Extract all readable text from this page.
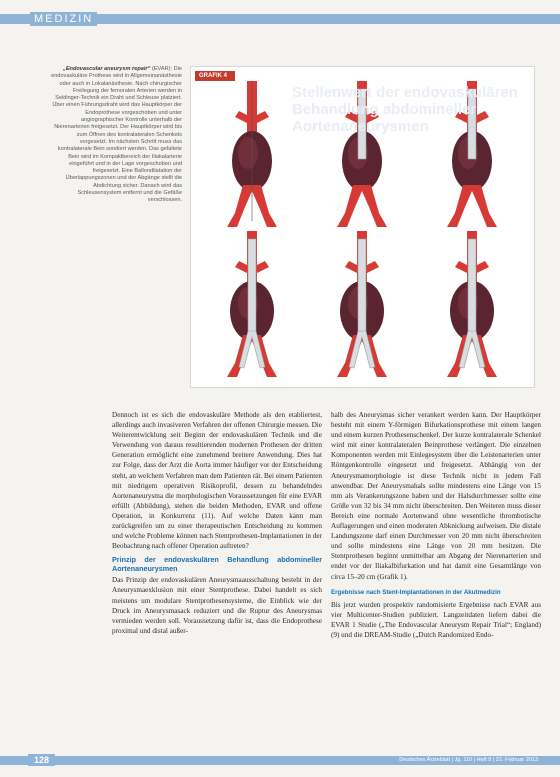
MEDIZIN
„Endovascular aneurysm repair“ (EVAR): Die endovaskuläre Prothese wird in Allgemeinanästhesie oder auch in Lokalanästhesie. Nach chirurgischer Freilegung der femoralen Arterien werden in Seldinger-Technik ein Draht und Schleuse platziert. Über einen Führungsdraht wird das Hauptkörper der Endoprothese vorgeschoben und unter angiographischer Kontrolle unterhalb der Nierenarterien freigesetzt. Der Hauptkörper wird bis zum Öffnen des kontralateralen Schenkels vorgesetzt. Im nächsten Schritt muss das kontralaterale Bein sondiert werden. Das gefaltete Bein wird im Kompaktbereich der Iliakalarterie eingeführt und in der Lage vorgeschoben und freigesetzt. Eine Ballondilatation der Überlappungszonen und der Abgänge stellt die Abdichtung sicher. Danach wird das Schleusensystem entfernt und die Gefäße verschlossen.
GRAFIK 4
Stellenwert der endovaskulären Behandlung abdomineller Aortenaneurysmen

Dennoch ist es sich die endovaskuläre Methode als den etabliertest, allerdings auch invasiveren Verfahren der offenen Chirurgie messen. Die Weiterentwicklung seit Beginn der endovaskulären Technik und die Verwendung von daraus resultierenden modernen Prothesen der dritten Generation ermöglicht eine zunehmend breitere Anwendung. Dies hat zur Folge, dass der Arzt die Aorta immer häufiger vor der Entscheidung steht, an welchem Verfahren man dem Patienten rät. Bei einem Patienten mit niedrigem operativen Risikoprofil, dessen zu behandelndes Aortenaneurysma die morphologischen Voraussetzungen für eine EVAR erfüllt (Abbildung), stehen die beiden Methoden, EVAR und offene Operation, in Konkurrenz (11). Auf welche Daten kann man zurückgreifen um zu einer therapeutischen Entscheidung zu kommen und welche Probleme können nach Stentprothesen-Implantationen in der Beobachtung nach offener Operation auftreten?

Prinzip der endovaskulären Behandlung abdomineller Aortenaneurysmen

Das Prinzip der endovaskulären Aneurysmaausschaltung besteht in der Aneurysmaexklusion mit einer Stentprothese. Dabei handelt es sich meistens um modulare Stentprothesensysteme, die Einblick wie der Druck im Aneurysmasack reduziert und die Ruptur des Aneurysmas vermieden werden soll. Voraussetzung dafür ist, dass die Endoprothese proximal und distal außer-

halb des Aneurysmas sicher verankert werden kann. Der Hauptkörper besteht mit einem Y-förmigen Bifurkationsprothese mit einem langen und einem kurzen Prothesenschenkel. Der kurze kontralaterale Schenkel wird mit einer kontralateralen Beinprothese verlängert. Die einzelnen Komponenten werden mit Einlegesystem über die Leistenarterien unter Röntgenkontrolle eingesetzt und freigesetzt. Abhängig von der Aneurysmamorphologie ist diese Technik nicht in jedem Fall anwendbar. Der Aneurysmahals sollte mindestens eine Länge von 15 mm als Verankerungszone haben und der Halsdurchmesser sollte eine Größe von 32 bis 34 mm nicht überschreiten. Den Weiteren muss dieser Bereich eine normale Aortenwand ohne wesentliche thrombotische Auflagerungen und einen moderaten Abknickung aufweisen. Die distale Landungszone darf einen Durchmesser von 20 mm nicht überschreiten und sollte mindestens eine Länge von 20 mm besitzen. Die Stentprothesen beginnt unmittelbar am Abgang der Nierenarterien und endet vor der Iliakalbifurkation und hat damit eine Gesamtlänge von circa 15–20 cm (Grafik 1).

Ergebnisse nach Stent-Implantationen in der Akutmedizin

Bis jetzt wurden prospektiv randomisierte Ergebnisse nach EVAR aus vier Multicenter-Studien publiziert. Langzeitdaten liefern dabei die EVAR 1 Studie („The Endovascular Aneurysm Repair Trial“; England) (9) und die DREAM-Studie („Dutch Randomized Endo-

128	Deutsches Ärzteblatt | Jg. 110 | Heft 8 | 22. Februar 2013
